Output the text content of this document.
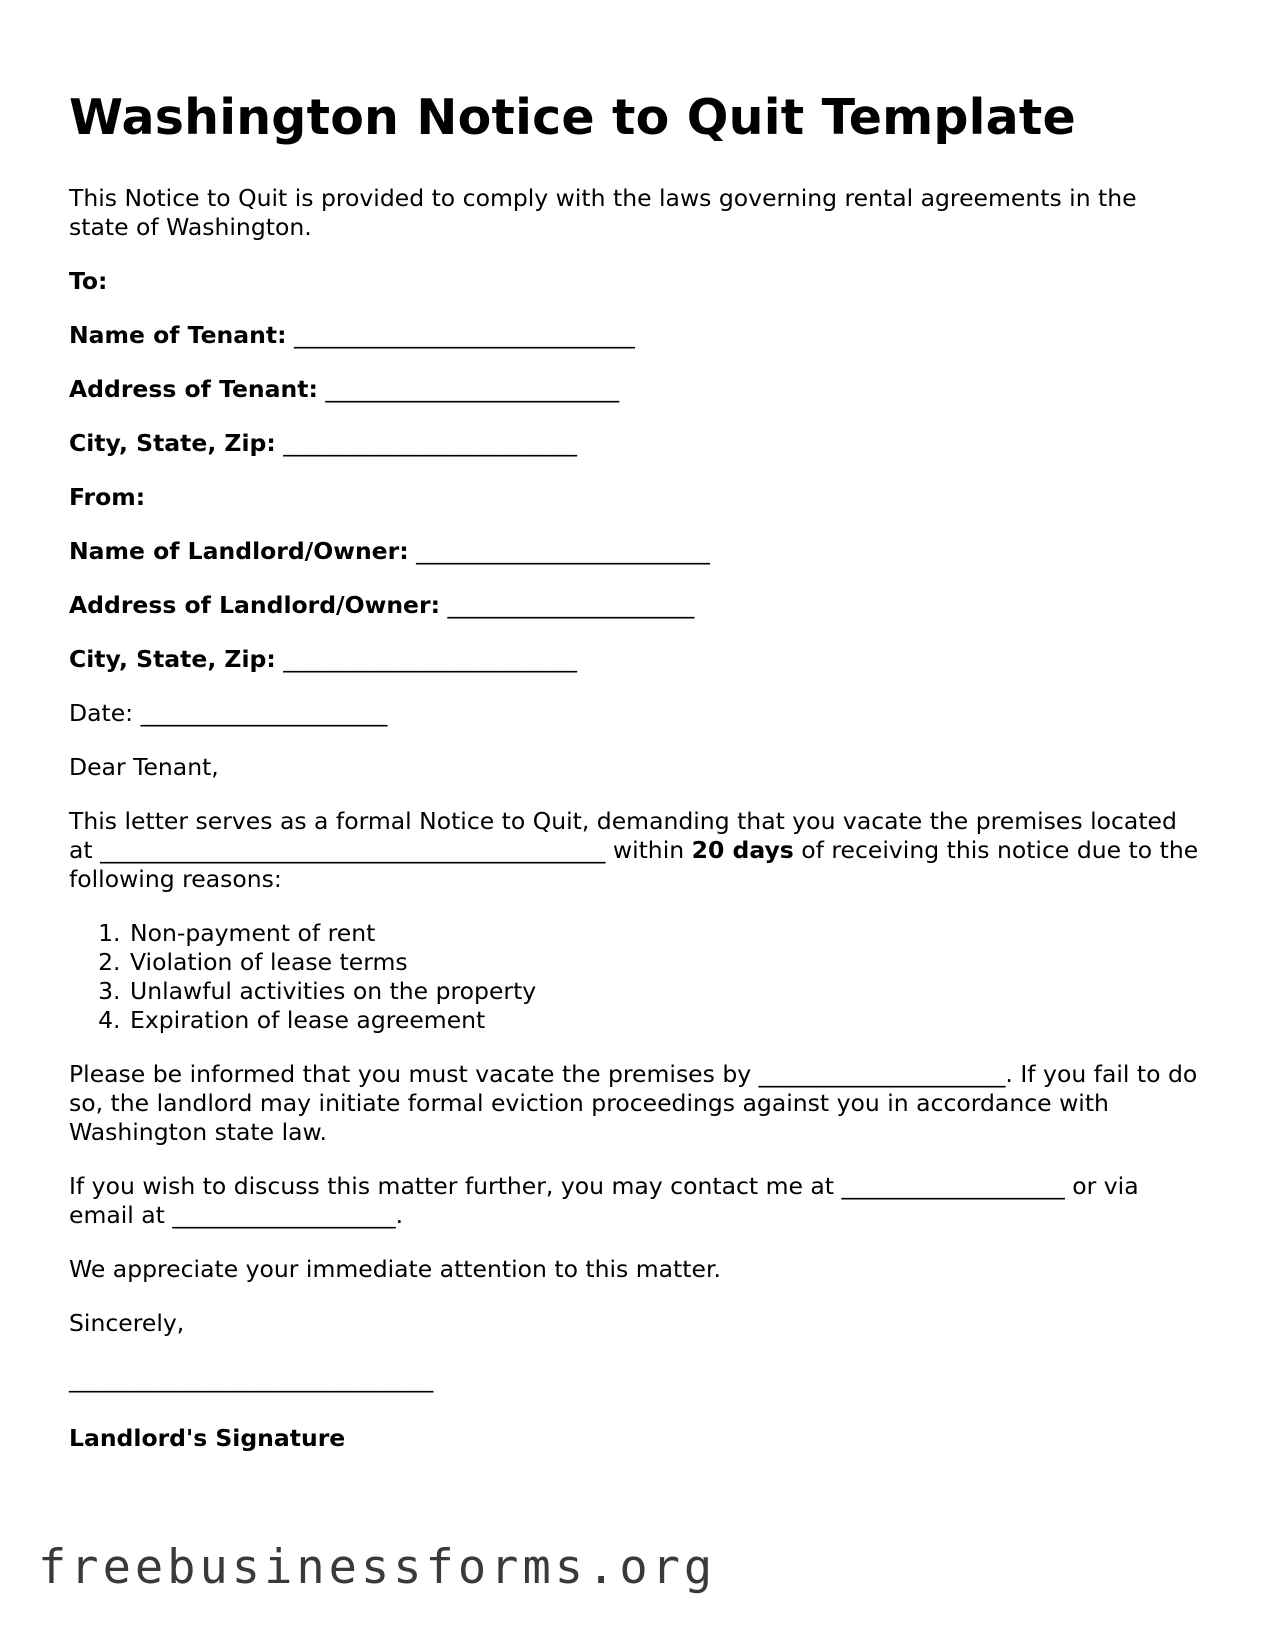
Washington Notice to Quit Template

This Notice to Quit is provided to comply with the laws governing rental agreements in the state of Washington.

To:

Name of Tenant: _____________________________

Address of Tenant: _________________________

City, State, Zip: _________________________

From:

Name of Landlord/Owner: _________________________

Address of Landlord/Owner: _____________________

City, State, Zip: _________________________

Date: _____________________

Dear Tenant,

This letter serves as a formal Notice to Quit, demanding that you vacate the premises located at ___________________________________________ within 20 days of receiving this notice due to the following reasons:

1. Non-payment of rent
2. Violation of lease terms
3. Unlawful activities on the property
4. Expiration of lease agreement

Please be informed that you must vacate the premises by _____________________. If you fail to do so, the landlord may initiate formal eviction proceedings against you in accordance with Washington state law.

If you wish to discuss this matter further, you may contact me at ___________________ or via email at ___________________.

We appreciate your immediate attention to this matter.

Sincerely,

_______________________________

Landlord's Signature

freebusinessforms.org
